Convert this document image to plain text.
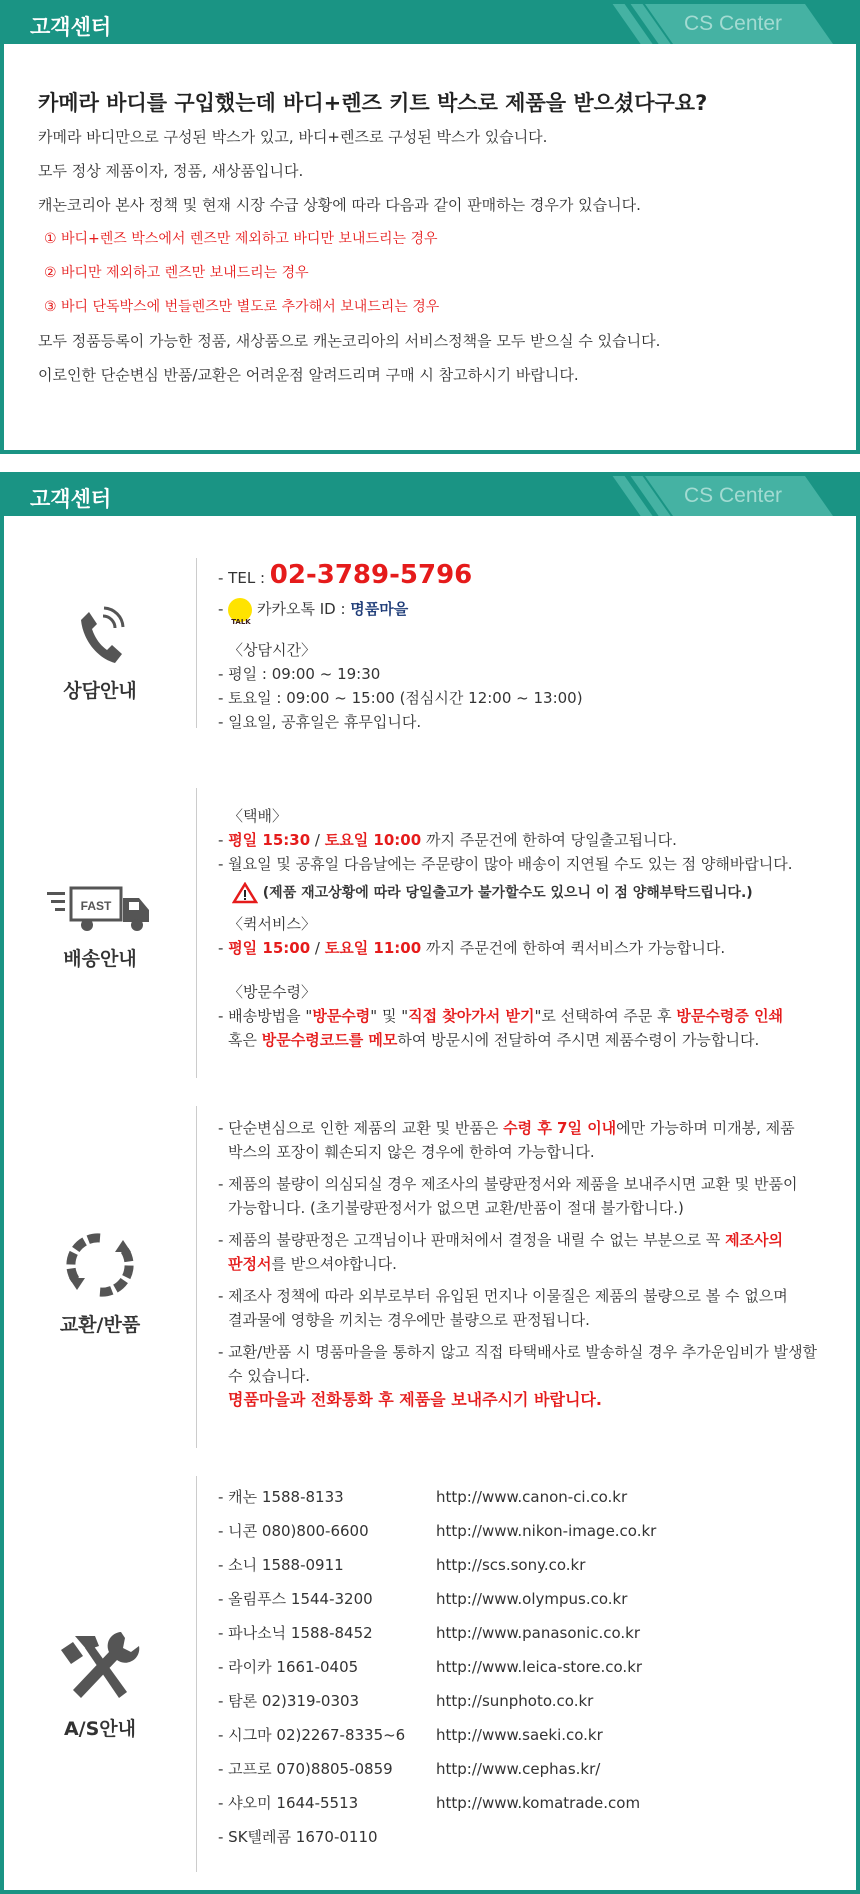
고객센터	CS Center
카메라 바디를 구입했는데 바디+렌즈 키트 박스로 제품을 받으셨다구요?

카메라 바디만으로 구성된 박스가 있고, 바디+렌즈로 구성된 박스가 있습니다.

모두 정상 제품이자, 정품, 새상품입니다.

캐논코리아 본사 정책 및 현재 시장 수급 상황에 따라 다음과 같이 판매하는 경우가 있습니다.

① 바디+렌즈 박스에서 렌즈만 제외하고 바디만 보내드리는 경우

② 바디만 제외하고 렌즈만 보내드리는 경우

③ 바디 단독박스에 번들렌즈만 별도로 추가해서 보내드리는 경우

모두 정품등록이 가능한 정품, 새상품으로 캐논코리아의 서비스정책을 모두 받으실 수 있습니다.

이로인한 단순변심 반품/교환은 어려운점 알려드리며 구매 시 참고하시기 바랍니다.

고객센터	CS Center
상담안내
- TEL : 02-3789-5796
-
TALK
카카오톡 ID : 명품마을
〈상담시간〉
- 평일 : 09:00 ~ 19:30
- 토요일 : 09:00 ~ 15:00 (점심시간 12:00 ~ 13:00)
- 일요일, 공휴일은 휴무입니다.
FAST
배송안내
〈택배〉
- 평일 15:30 / 토요일 10:00 까지 주문건에 한하여 당일출고됩니다.
- 월요일 및 공휴일 다음날에는 주문량이 많아 배송이 지연될 수도 있는 점 양해바랍니다.
(제품 재고상황에 따라 당일출고가 불가할수도 있으니 이 점 양해부탁드립니다.)
〈퀵서비스〉
- 평일 15:00 / 토요일 11:00 까지 주문건에 한하여 퀵서비스가 가능합니다.
〈방문수령〉
- 배송방법을 "방문수령" 및 "직접 찾아가서 받기"로 선택하여 주문 후 방문수령증 인쇄
혹은 방문수령코드를 메모하여 방문시에 전달하여 주시면 제품수령이 가능합니다.
교환/반품
- 단순변심으로 인한 제품의 교환 및 반품은 수령 후 7일 이내에만 가능하며 미개봉, 제품
박스의 포장이 훼손되지 않은 경우에 한하여 가능합니다.
- 제품의 불량이 의심되실 경우 제조사의 불량판정서와 제품을 보내주시면 교환 및 반품이
가능합니다. (초기불량판정서가 없으면 교환/반품이 절대 불가합니다.)
- 제품의 불량판정은 고객님이나 판매처에서 결정을 내릴 수 없는 부분으로 꼭 제조사의
판정서를 받으셔야합니다.
- 제조사 정책에 따라 외부로부터 유입된 먼지나 이물질은 제품의 불량으로 볼 수 없으며
결과물에 영향을 끼치는 경우에만 불량으로 판정됩니다.
- 교환/반품 시 명품마을을 통하지 않고 직접 타택배사로 발송하실 경우 추가운임비가 발생할
수 있습니다.
명품마을과 전화통화 후 제품을 보내주시기 바랍니다.
A/S안내
- 캐논 1588-8133	http://www.canon-ci.co.kr
- 니콘 080)800-6600	http://www.nikon-image.co.kr
- 소니 1588-0911	http://scs.sony.co.kr
- 올림푸스 1544-3200	http://www.olympus.co.kr
- 파나소닉 1588-8452	http://www.panasonic.co.kr
- 라이카 1661-0405	http://www.leica-store.co.kr
- 탐론 02)319-0303	http://sunphoto.co.kr
- 시그마 02)2267-8335~6 http://www.saeki.co.kr
- 고프로 070)8805-0859	http://www.cephas.kr/
- 샤오미 1644-5513	http://www.komatrade.com
- SK텔레콤 1670-0110
